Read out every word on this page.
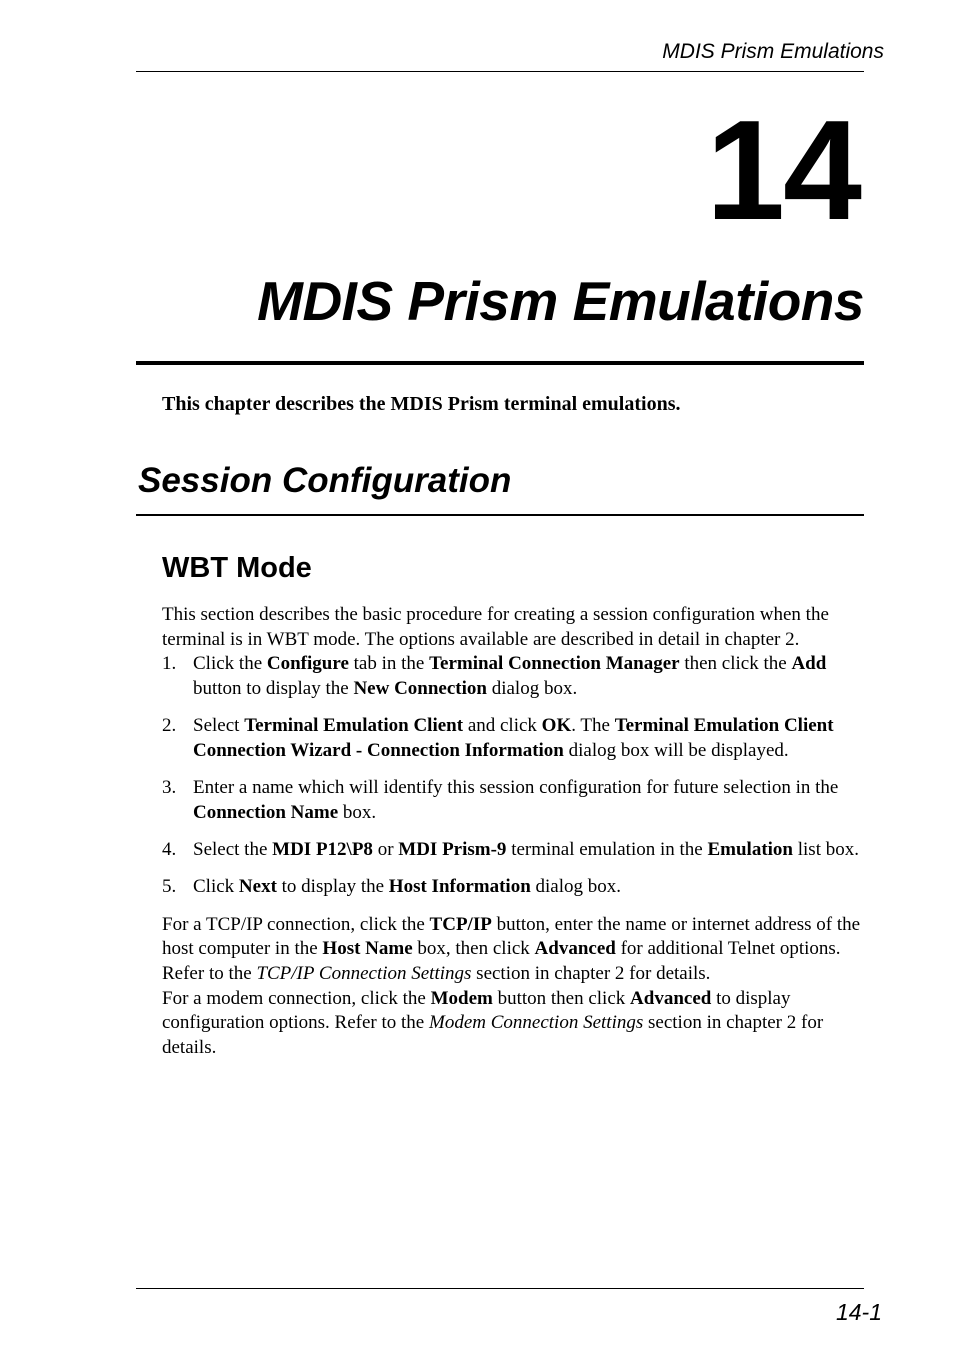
MDIS Prism Emulations
14
MDIS Prism Emulations
This chapter describes the MDIS Prism terminal emulations.
Session Configuration
WBT Mode

This section describes the basic procedure for creating a session configuration when the terminal is in WBT mode. The options available are described in detail in chapter 2.

1. Click the Configure tab in the Terminal Connection Manager then click the Add button to display the New Connection dialog box.
2. Select Terminal Emulation Client and click OK. The Terminal Emulation Client Connection Wizard - Connection Information dialog box will be displayed.
3. Enter a name which will identify this session configuration for future selection in the Connection Name box.
4. Select the MDI P12\P8 or MDI Prism-9 terminal emulation in the Emulation list box.
5. Click Next to display the Host Information dialog box.

For a TCP/IP connection, click the TCP/IP button, enter the name or internet address of the host computer in the Host Name box, then click Advanced for additional Telnet options. Refer to the TCP/IP Connection Settings section in chapter 2 for details.

For a modem connection, click the Modem button then click Advanced to display configuration options. Refer to the Modem Connection Settings section in chapter 2 for details.

14-1
